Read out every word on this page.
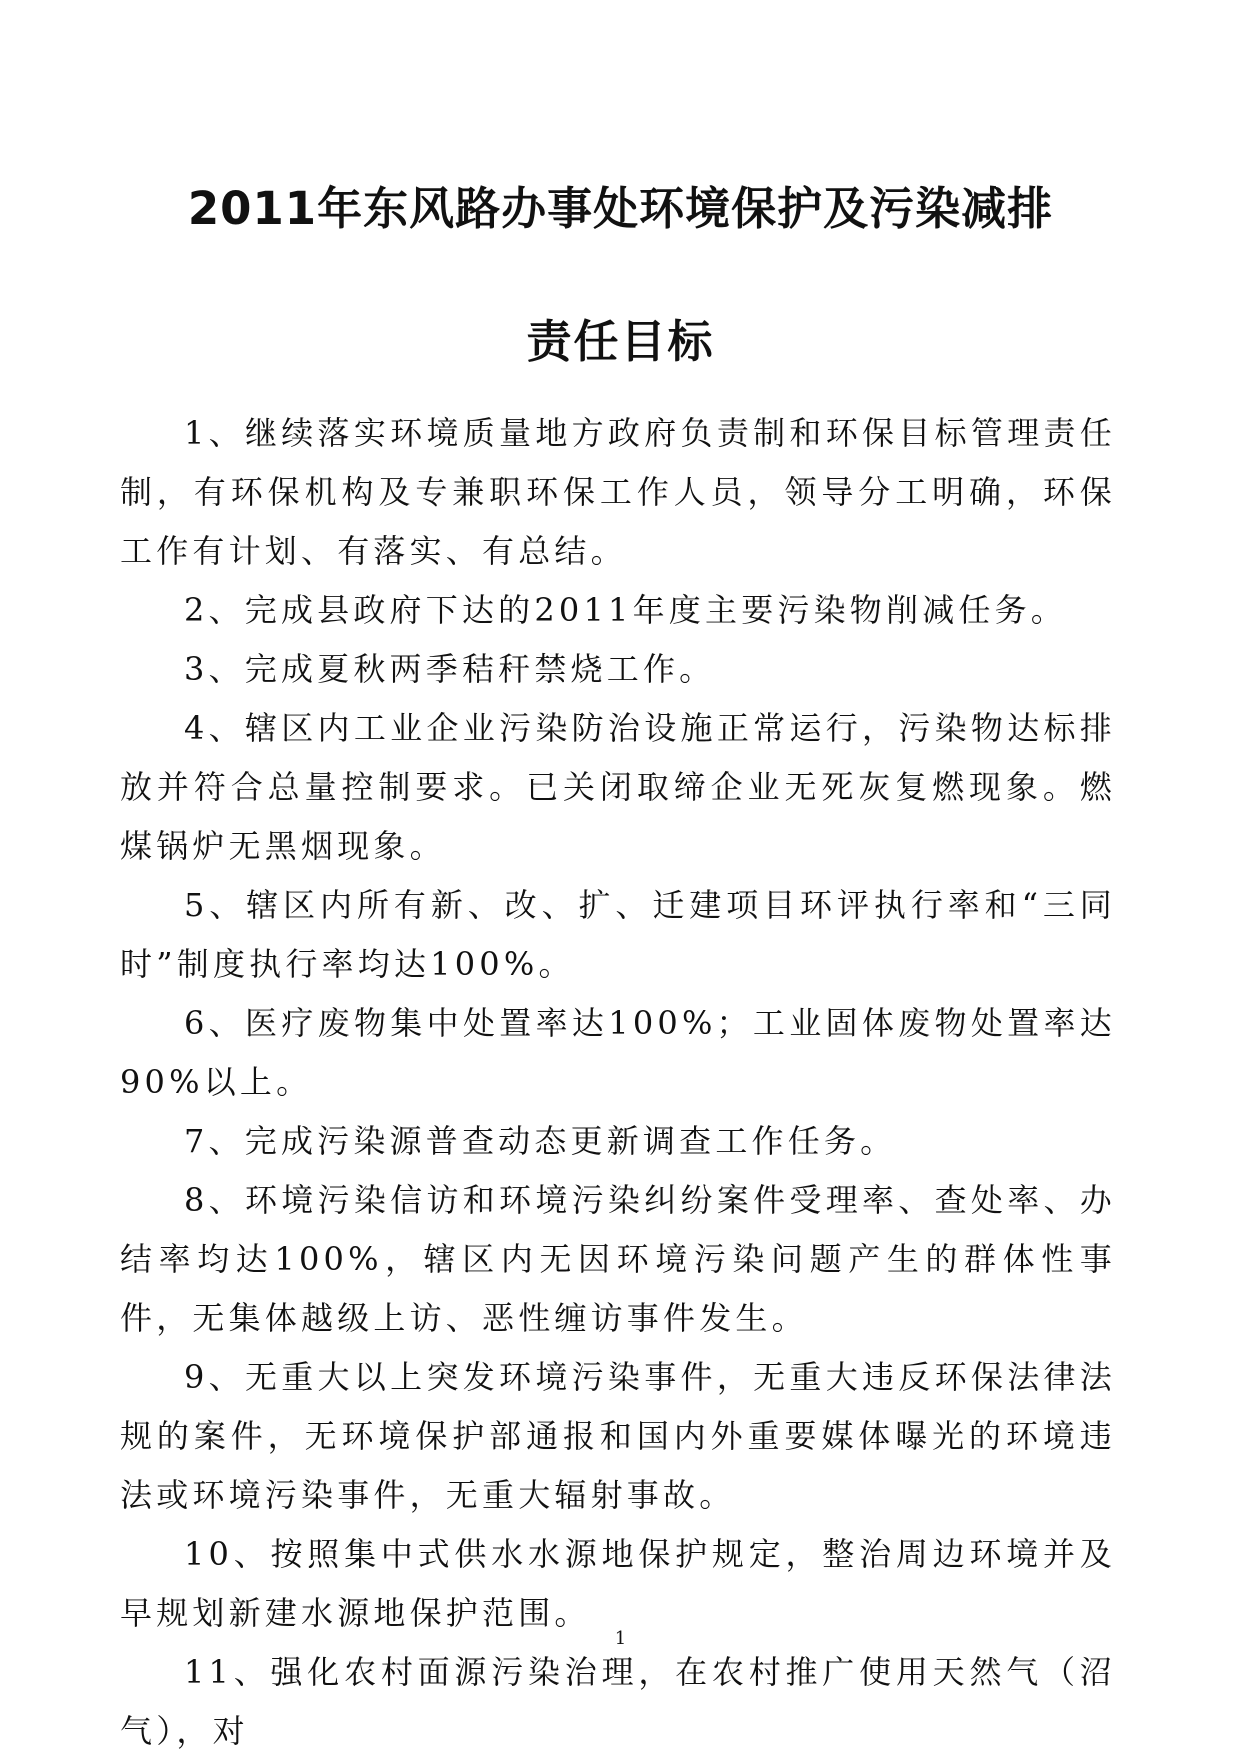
2011年东风路办事处环境保护及污染减排
责任目标

1、继续落实环境质量地方政府负责制和环保目标管理责任制，有环保机构及专兼职环保工作人员，领导分工明确，环保工作有计划、有落实、有总结。

2、完成县政府下达的2011年度主要污染物削减任务。

3、完成夏秋两季秸秆禁烧工作。

4、辖区内工业企业污染防治设施正常运行，污染物达标排放并符合总量控制要求。已关闭取缔企业无死灰复燃现象。燃煤锅炉无黑烟现象。

5、辖区内所有新、改、扩、迁建项目环评执行率和“三同时”制度执行率均达100%。

6、医疗废物集中处置率达100%；工业固体废物处置率达90%以上。

7、完成污染源普查动态更新调查工作任务。

8、环境污染信访和环境污染纠纷案件受理率、查处率、办结率均达100%，辖区内无因环境污染问题产生的群体性事件，无集体越级上访、恶性缠访事件发生。

9、无重大以上突发环境污染事件，无重大违反环保法律法规的案件，无环境保护部通报和国内外重要媒体曝光的环境违法或环境污染事件，无重大辐射事故。

10、按照集中式供水水源地保护规定，整治周边环境并及早规划新建水源地保护范围。

11、强化农村面源污染治理，在农村推广使用天然气（沼气），对

1
